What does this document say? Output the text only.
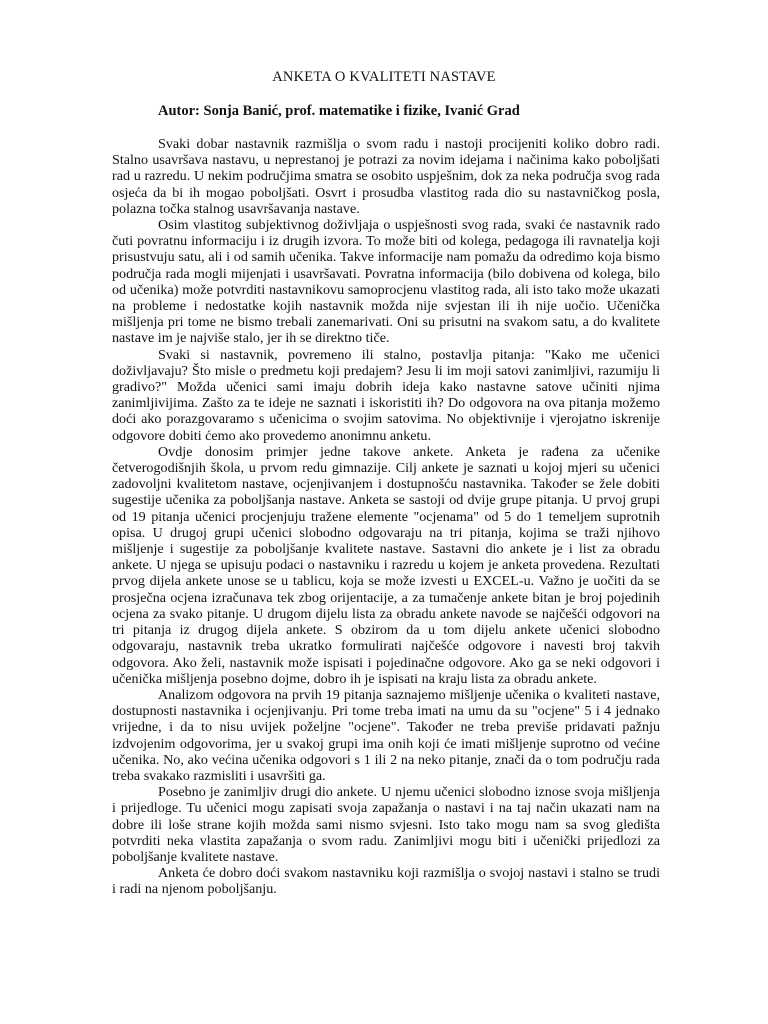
ANKETA O KVALITETI NASTAVE
Autor: Sonja Banić, prof. matematike i fizike, Ivanić Grad

Svaki dobar nastavnik razmišlja o svom radu i nastoji procijeniti koliko dobro radi. Stalno usavršava nastavu, u neprestanoj je potrazi za novim idejama i načinima kako poboljšati rad u razredu. U nekim područjima smatra se osobito uspješnim, dok za neka područja svog rada osjeća da bi ih mogao poboljšati. Osvrt i prosudba vlastitog rada dio su nastavničkog posla, polazna točka stalnog usavršavanja nastave.

Osim vlastitog subjektivnog doživljaja o uspješnosti svog rada, svaki će nastavnik rado čuti povratnu informaciju i iz drugih izvora. To može biti od kolega, pedagoga ili ravnatelja koji prisustvuju satu, ali i od samih učenika. Takve informacije nam pomažu da odredimo koja bismo područja rada mogli mijenjati i usavršavati. Povratna informacija (bilo dobivena od kolega, bilo od učenika) može potvrditi nastavnikovu samoprocjenu vlastitog rada, ali isto tako može ukazati na probleme i nedostatke kojih nastavnik možda nije svjestan ili ih nije uočio. Učenička mišljenja pri tome ne bismo trebali zanemarivati. Oni su prisutni na svakom satu, a do kvalitete nastave im je najviše stalo, jer ih se direktno tiče.

Svaki si nastavnik, povremeno ili stalno, postavlja pitanja: "Kako me učenici doživljavaju? Što misle o predmetu koji predajem? Jesu li im moji satovi zanimljivi, razumiju li gradivo?" Možda učenici sami imaju dobrih ideja kako nastavne satove učiniti njima zanimljivijima. Zašto za te ideje ne saznati i iskoristiti ih? Do odgovora na ova pitanja možemo doći ako porazgovaramo s učenicima o svojim satovima. No objektivnije i vjerojatno iskrenije odgovore dobiti ćemo ako provedemo anonimnu anketu.

Ovdje donosim primjer jedne takove ankete. Anketa je rađena za učenike četverogodišnjih škola, u prvom redu gimnazije. Cilj ankete je saznati u kojoj mjeri su učenici zadovoljni kvalitetom nastave, ocjenjivanjem i dostupnošću nastavnika. Također se žele dobiti sugestije učenika za poboljšanja nastave. Anketa se sastoji od dvije grupe pitanja. U prvoj grupi od 19 pitanja učenici procjenjuju tražene elemente "ocjenama" od 5 do 1 temeljem suprotnih opisa. U drugoj grupi učenici slobodno odgovaraju na tri pitanja, kojima se traži njihovo mišljenje i sugestije za poboljšanje kvalitete nastave. Sastavni dio ankete je i list za obradu ankete. U njega se upisuju podaci o nastavniku i razredu u kojem je anketa provedena. Rezultati prvog dijela ankete unose se u tablicu, koja se može izvesti u EXCEL-u. Važno je uočiti da se prosječna ocjena izračunava tek zbog orijentacije, a za tumačenje ankete bitan je broj pojedinih ocjena za svako pitanje. U drugom dijelu lista za obradu ankete navode se najčešći odgovori na tri pitanja iz drugog dijela ankete. S obzirom da u tom dijelu ankete učenici slobodno odgovaraju, nastavnik treba ukratko formulirati najčešće odgovore i navesti broj takvih odgovora. Ako želi, nastavnik može ispisati i pojedinačne odgovore. Ako ga se neki odgovori i učenička mišljenja posebno dojme, dobro ih je ispisati na kraju lista za obradu ankete.

Analizom odgovora na prvih 19 pitanja saznajemo mišljenje učenika o kvaliteti nastave, dostupnosti nastavnika i ocjenjivanju. Pri tome treba imati na umu da su "ocjene" 5 i 4 jednako vrijedne, i da to nisu uvijek poželjne "ocjene". Također ne treba previše pridavati pažnju izdvojenim odgovorima, jer u svakoj grupi ima onih koji će imati mišljenje suprotno od većine učenika. No, ako većina učenika odgovori s 1 ili 2 na neko pitanje, znači da o tom području rada treba svakako razmisliti i usavršiti ga.

Posebno je zanimljiv drugi dio ankete. U njemu učenici slobodno iznose svoja mišljenja i prijedloge. Tu učenici mogu zapisati svoja zapažanja o nastavi i na taj način ukazati nam na dobre ili loše strane kojih možda sami nismo svjesni. Isto tako mogu nam sa svog gledišta potvrditi neka vlastita zapažanja o svom radu. Zanimljivi mogu biti i učenički prijedlozi za poboljšanje kvalitete nastave.

Anketa će dobro doći svakom nastavniku koji razmišlja o svojoj nastavi i stalno se trudi i radi na njenom poboljšanju.
